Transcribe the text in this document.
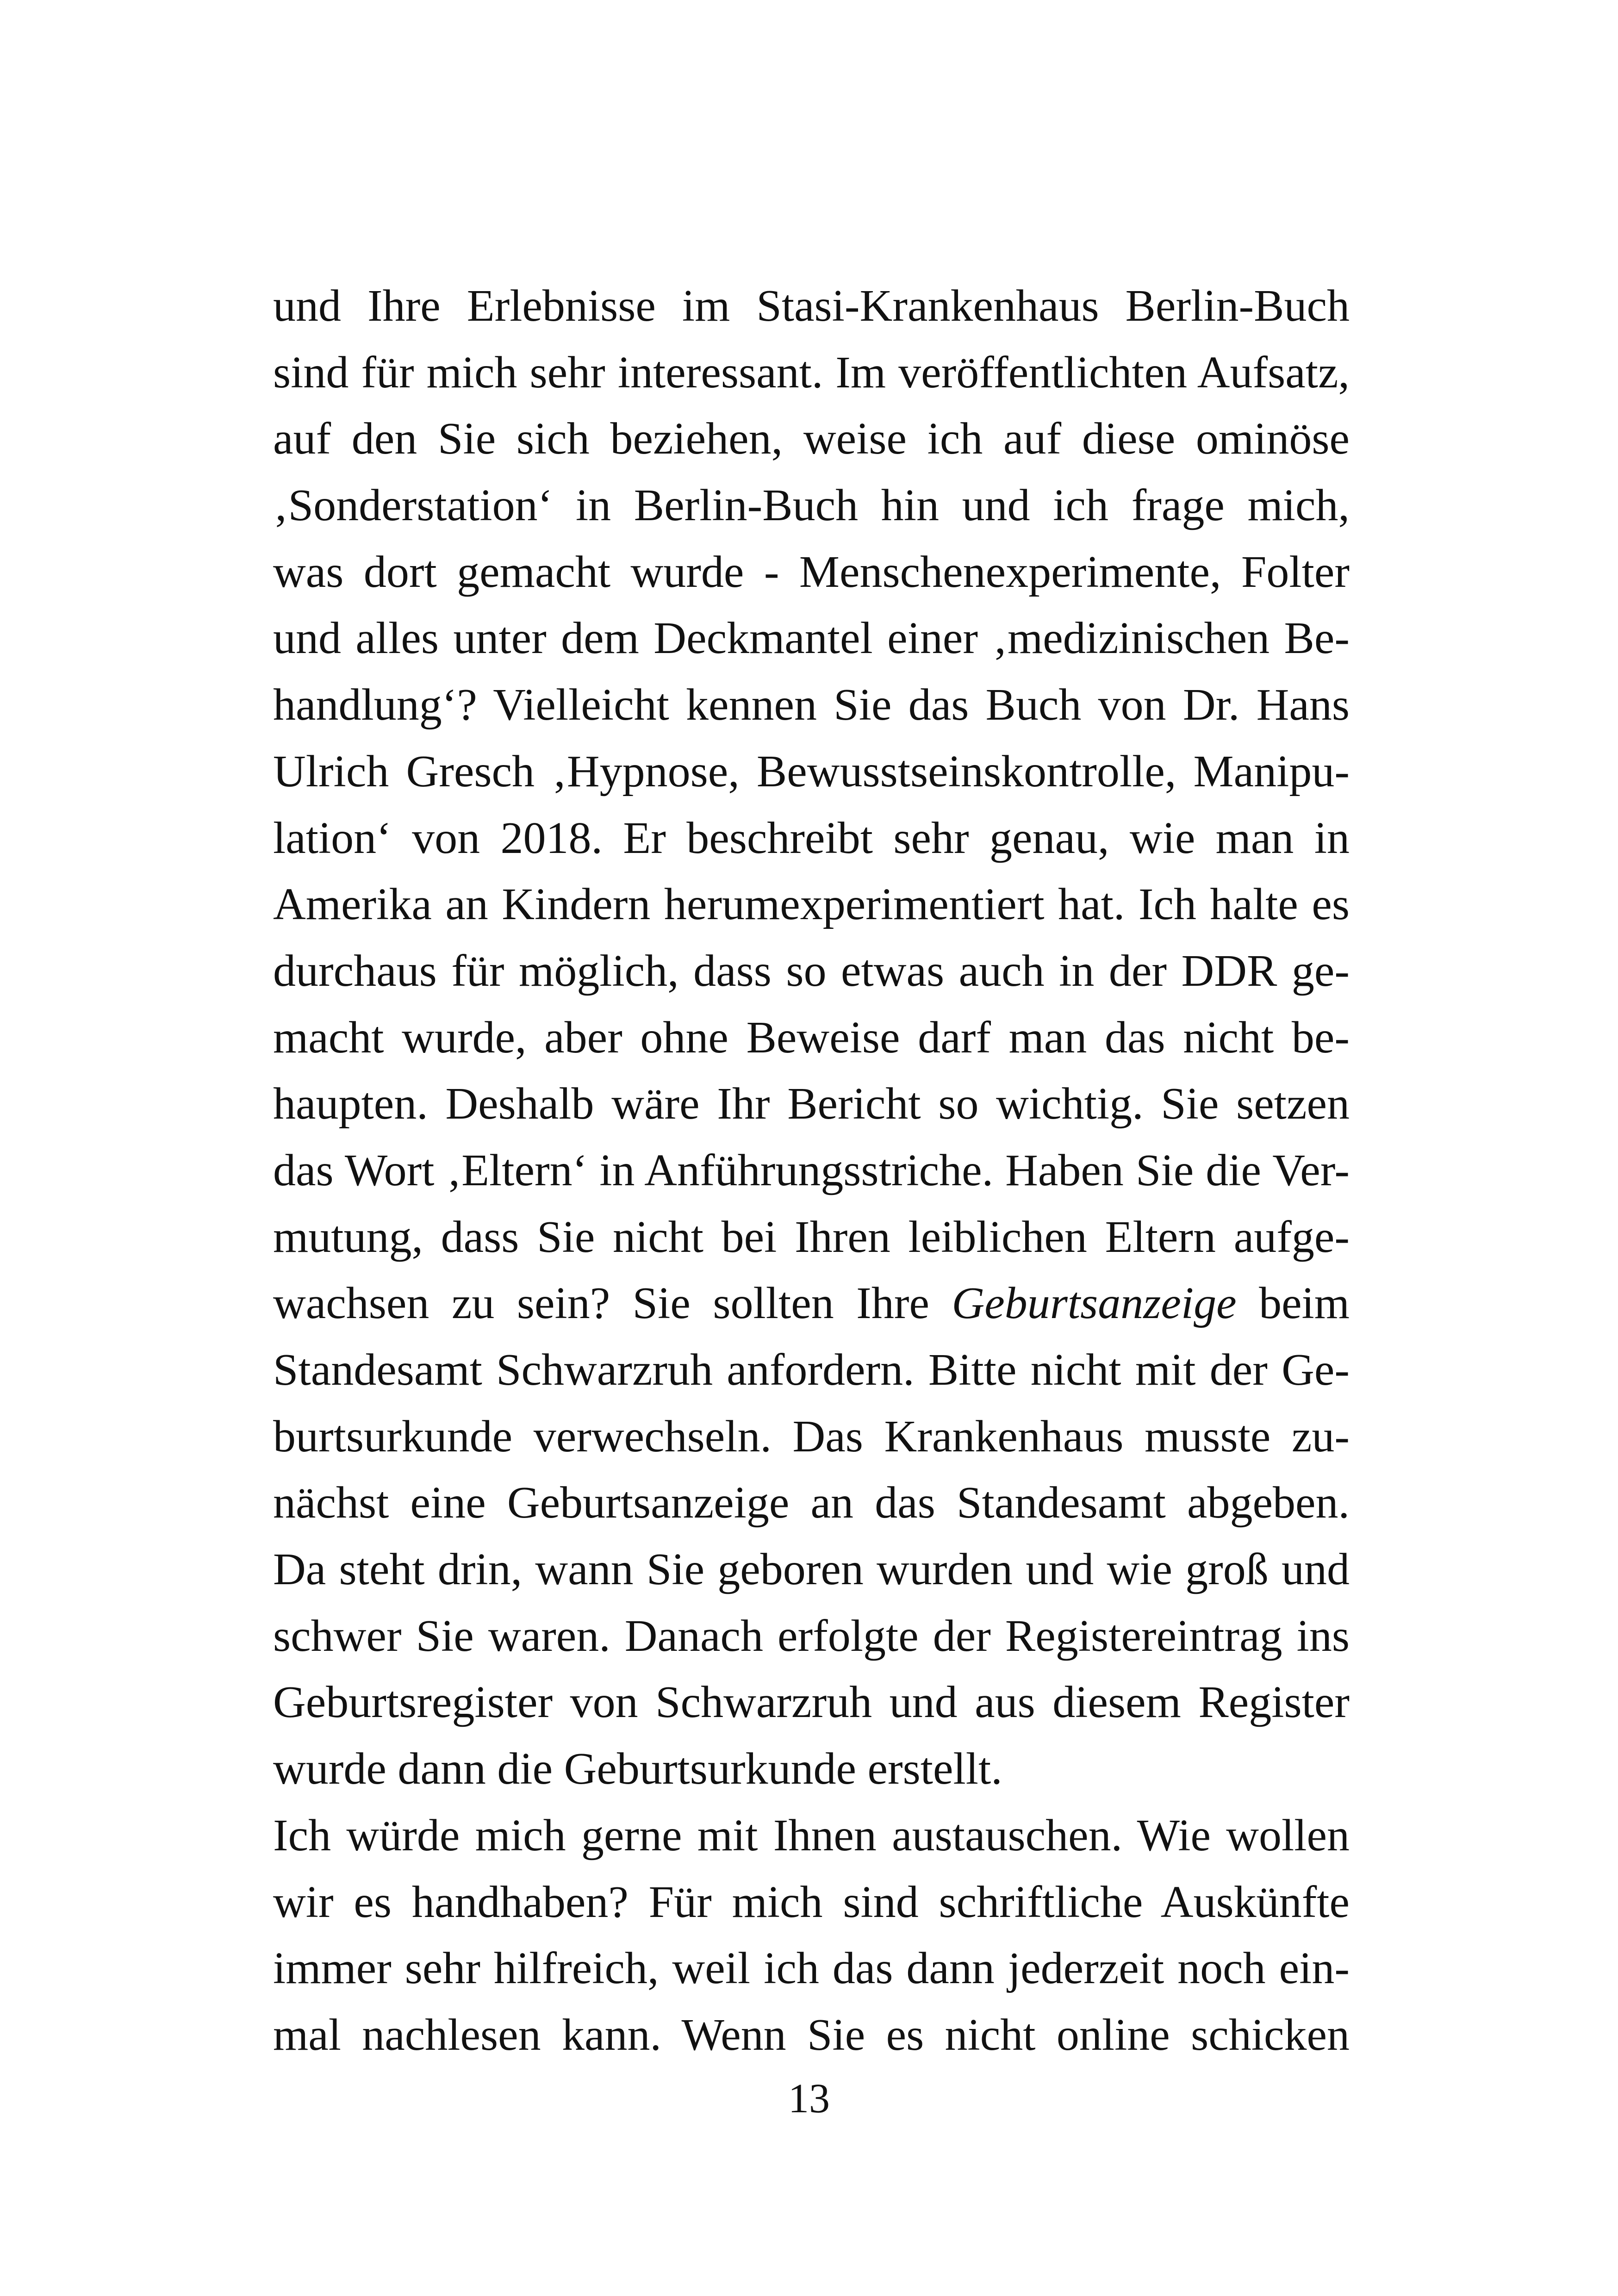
und Ihre Erlebnisse im Stasi-Krankenhaus Berlin-Buch
sind für mich sehr interessant. Im veröffentlichten Aufsatz,
auf den Sie sich beziehen, weise ich auf diese ominöse
‚Sonderstation‘ in Berlin-Buch hin und ich frage mich,
was dort gemacht wurde - Menschenexperimente, Folter
und alles unter dem Deckmantel einer ‚medizinischen Be-
handlung‘? Vielleicht kennen Sie das Buch von Dr. Hans
Ulrich Gresch ‚Hypnose, Bewusstseinskontrolle, Manipu-
lation‘ von 2018. Er beschreibt sehr genau, wie man in
Amerika an Kindern herumexperimentiert hat. Ich halte es
durchaus für möglich, dass so etwas auch in der DDR ge-
macht wurde, aber ohne Beweise darf man das nicht be-
haupten. Deshalb wäre Ihr Bericht so wichtig. Sie setzen
das Wort ‚Eltern‘ in Anführungsstriche. Haben Sie die Ver-
mutung, dass Sie nicht bei Ihren leiblichen Eltern aufge-
wachsen zu sein? Sie sollten Ihre Geburtsanzeige beim
Standesamt Schwarzruh anfordern. Bitte nicht mit der Ge-
burtsurkunde verwechseln. Das Krankenhaus musste zu-
nächst eine Geburtsanzeige an das Standesamt abgeben.
Da steht drin, wann Sie geboren wurden und wie groß und
schwer Sie waren. Danach erfolgte der Registereintrag ins
Geburtsregister von Schwarzruh und aus diesem Register
wurde dann die Geburtsurkunde erstellt.
Ich würde mich gerne mit Ihnen austauschen. Wie wollen
wir es handhaben? Für mich sind schriftliche Auskünfte
immer sehr hilfreich, weil ich das dann jederzeit noch ein-
mal nachlesen kann. Wenn Sie es nicht online schicken
13
